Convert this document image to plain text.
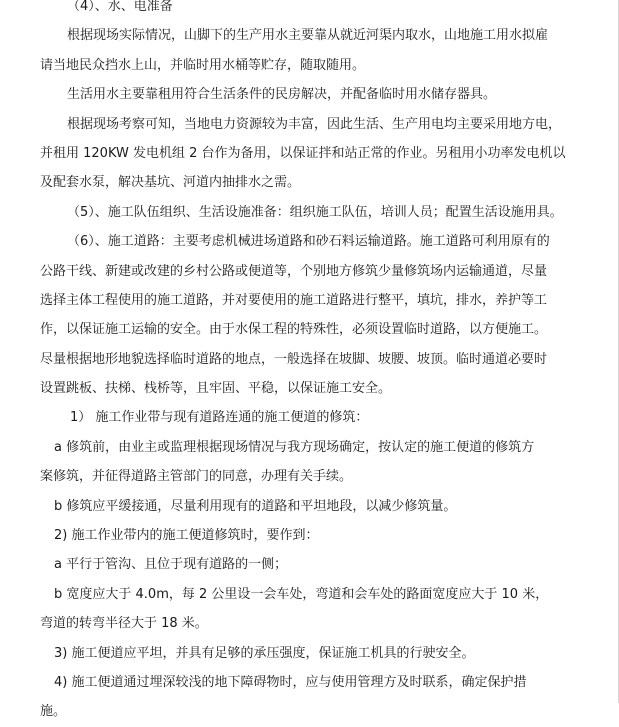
（4）、水、电准备
根据现场实际情况，山脚下的生产用水主要靠从就近河渠内取水，山地施工用水拟雇
请当地民众挡水上山，并临时用水桶等贮存，随取随用。
生活用水主要靠租用符合生活条件的民房解决，并配备临时用水储存器具。
根据现场考察可知，当地电力资源较为丰富，因此生活、生产用电均主要采用地方电，
并租用 120KW 发电机组 2 台作为备用，以保证拌和站正常的作业。另租用小功率发电机以
及配套水泵，解决基坑、河道内抽排水之需。
（5）、施工队伍组织、生活设施准备：组织施工队伍，培训人员；配置生活设施用具。
（6）、施工道路：主要考虑机械进场道路和砂石料运输道路。施工道路可利用原有的
公路干线、新建或改建的乡村公路或便道等，个别地方修筑少量修筑场内运输通道，尽量
选择主体工程使用的施工道路，并对要使用的施工道路进行整平，填坑，排水，养护等工
作，以保证施工运输的安全。由于水保工程的特殊性，必须设置临时道路，以方便施工。
尽量根据地形地貌选择临时道路的地点，一般选择在坡脚、坡腰、坡顶。临时通道必要时
设置跳板、扶梯、栈桥等，且牢固、平稳，以保证施工安全。
1） 施工作业带与现有道路连通的施工便道的修筑：
a 修筑前，由业主或监理根据现场情况与我方现场确定，按认定的施工便道的修筑方
案修筑，并征得道路主管部门的同意，办理有关手续。
b 修筑应平缓接通，尽量利用现有的道路和平坦地段，以减少修筑量。
2) 施工作业带内的施工便道修筑时，要作到：
a 平行于管沟、且位于现有道路的一侧；
b 宽度应大于 4.0m，每 2 公里设一会车处，弯道和会车处的路面宽度应大于 10 米，
弯道的转弯半径大于 18 米。
3) 施工便道应平坦，并具有足够的承压强度，保证施工机具的行驶安全。
4) 施工便道通过埋深较浅的地下障碍物时，应与使用管理方及时联系，确定保护措
施。
